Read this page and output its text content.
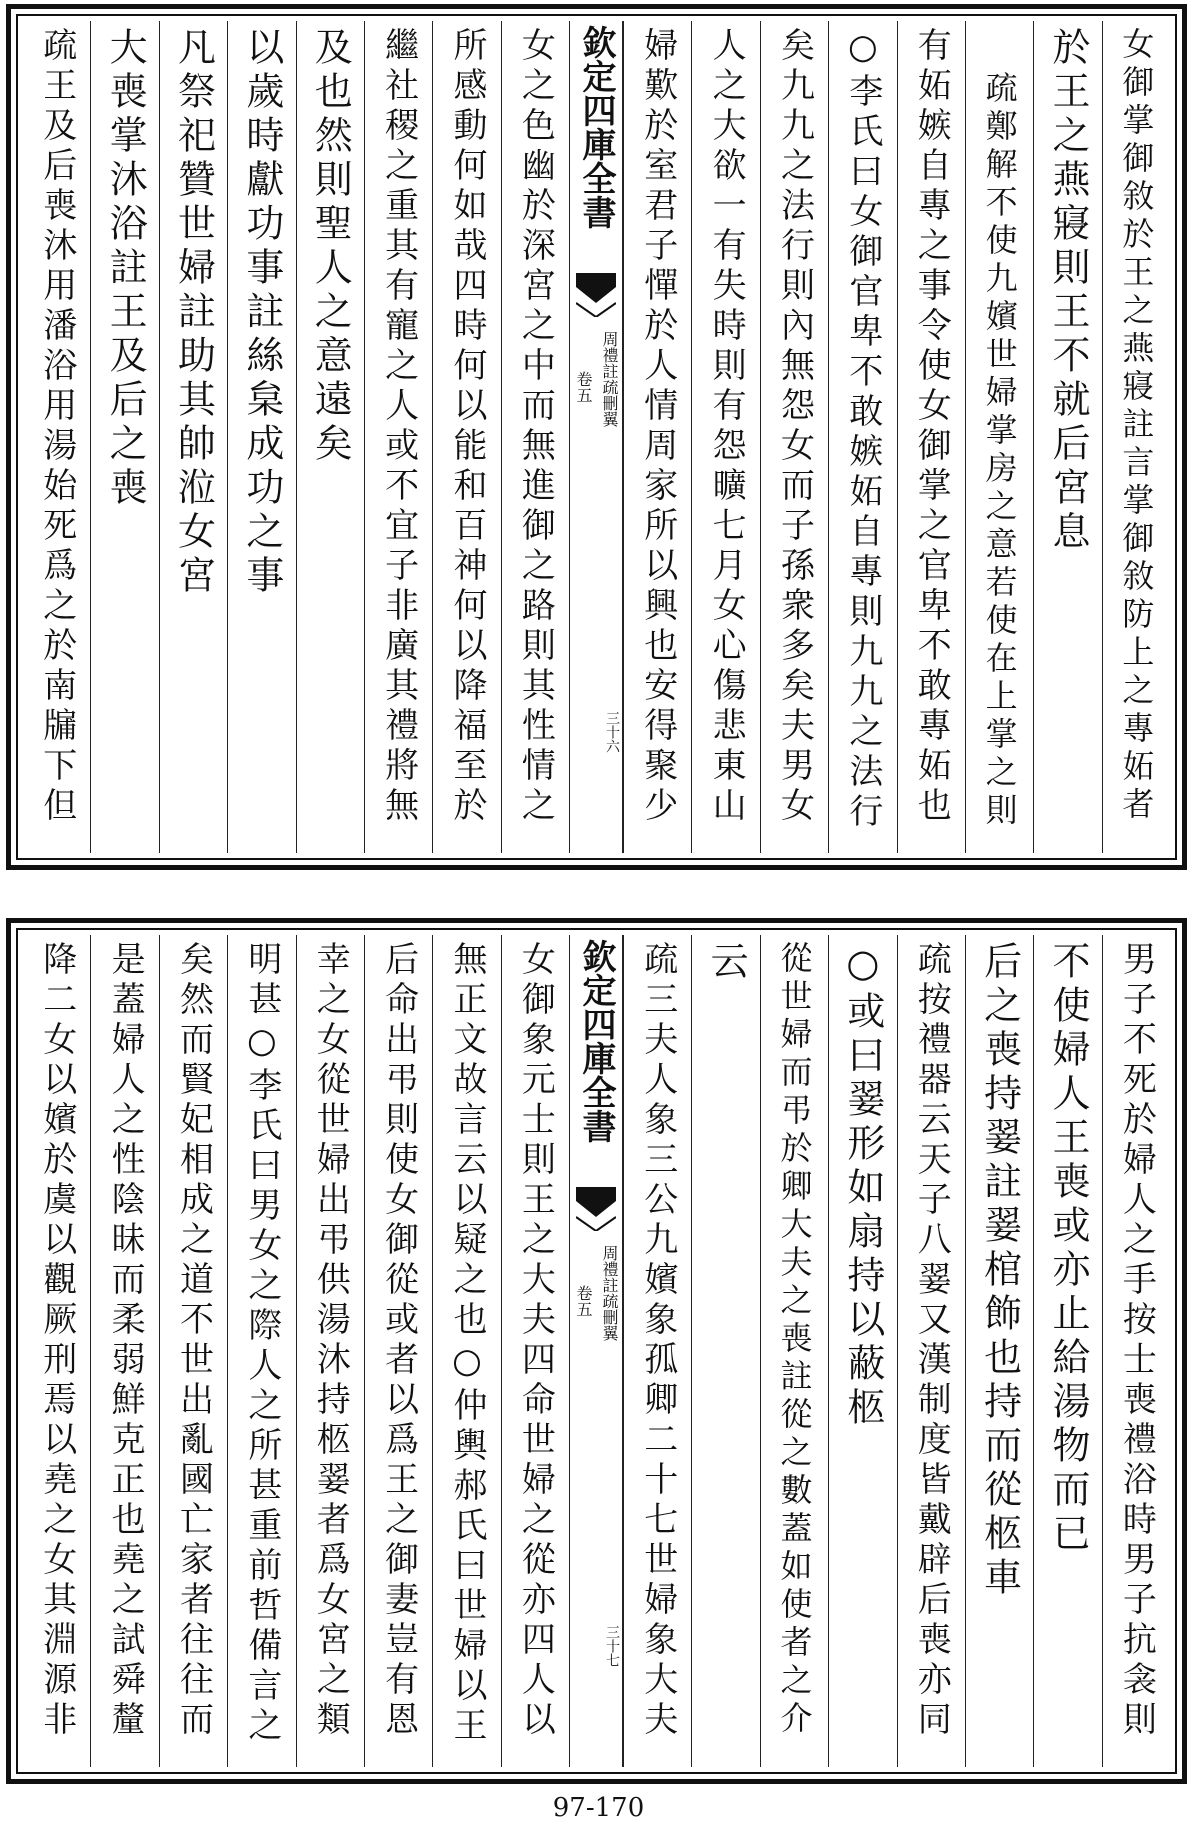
女御掌御敘於王之燕寢註言掌御敘防上之專妬者
於王之燕寢則王不就后宮息
疏鄭解不使九嬪世婦掌房之意若使在上掌之則
有妬嫉自專之事令使女御掌之官卑不敢專妬也
○李氏曰女御官卑不敢嫉妬自專則九九之法行
矣九九之法行則內無怨女而子孫衆多矣夫男女
人之大欲一有失時則有怨曠七月女心傷悲東山
婦歎於室君子憚於人情周家所以興也安得聚少
欽定四庫全書
卷五 周禮註疏刪翼
三十六
女之色幽於深宮之中而無進御之路則其性情之
所感動何如哉四時何以能和百神何以降福至於
繼社稷之重其有寵之人或不宜子非廣其禮將無
及也然則聖人之意遠矣
以歲時獻功事註絲枲成功之事
凡祭祀贊世婦註助其帥涖女宮
大喪掌沐浴註王及后之喪
疏王及后喪沐用潘浴用湯始死爲之於南牖下但
男子不死於婦人之手按士喪禮浴時男子抗衾則
不使婦人王喪或亦止給湯物而已
后之喪持翣註翣棺飾也持而從柩車
疏按禮器云天子八翣又漢制度皆戴辟后喪亦同
○或曰翣形如扇持以蔽柩
從世婦而弔於卿大夫之喪註從之數蓋如使者之介
云
疏三夫人象三公九嬪象孤卿二十七世婦象大夫
欽定四庫全書
卷五 周禮註疏刪翼
三十七
女御象元士則王之大夫四命世婦之從亦四人以
無正文故言云以疑之也○仲輿郝氏曰世婦以王
后命出弔則使女御從或者以爲王之御妻豈有恩
幸之女從世婦出弔供湯沐持柩翣者爲女宮之類
明甚○李氏曰男女之際人之所甚重前哲備言之
矣然而賢妃相成之道不世出亂國亡家者往往而
是蓋婦人之性陰昧而柔弱鮮克正也堯之試舜釐
降二女以嬪於虞以觀厥刑焉以堯之女其淵源非
97-170
